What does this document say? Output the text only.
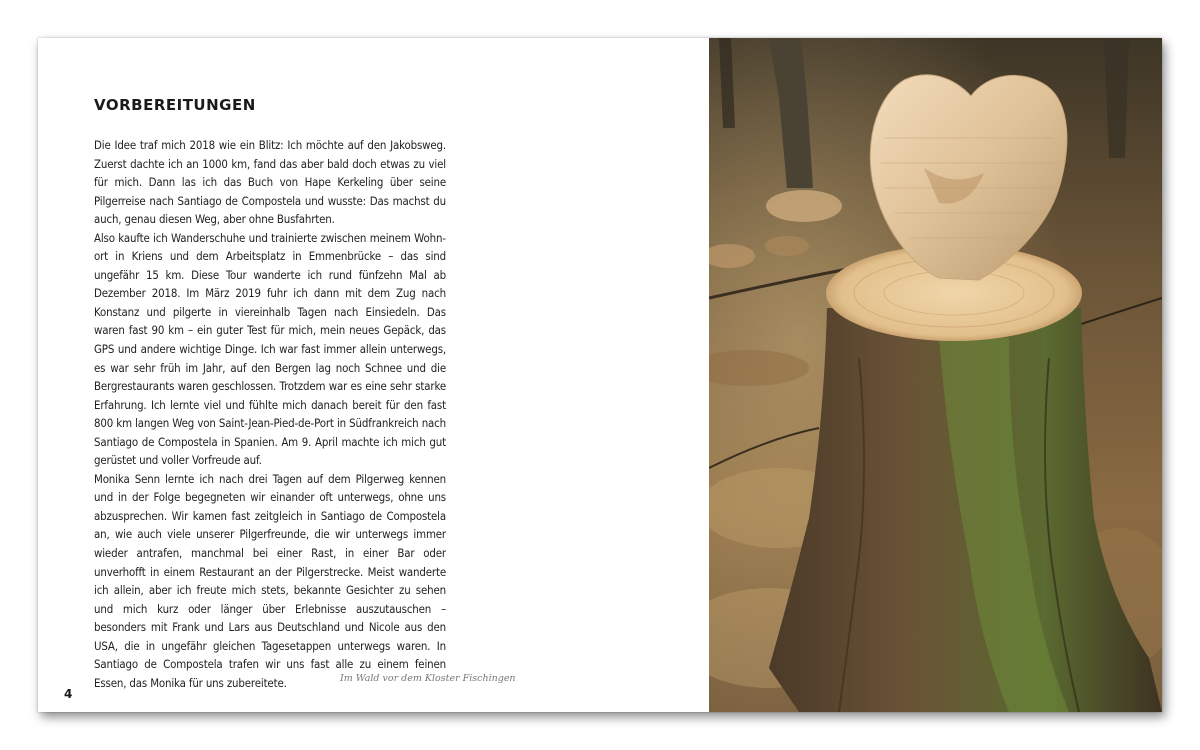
VORBEREITUNGEN

Die Idee traf mich 2018 wie ein Blitz: Ich möchte auf den Jakobsweg. Zuerst dachte ich an 1000 km, fand das aber bald doch etwas zu viel für mich. Dann las ich das Buch von Hape Kerkeling über seine Pilgerreise nach Santiago de Compostela und wusste: Das machst du auch, genau diesen Weg, aber ohne Busfahrten.

Also kaufte ich Wanderschuhe und trainierte zwischen meinem Wohnort in Kriens und dem Arbeitsplatz in Emmenbrücke – das sind ungefähr 15 km. Diese Tour wanderte ich rund fünfzehn Mal ab Dezember 2018. Im März 2019 fuhr ich dann mit dem Zug nach Konstanz und pilgerte in viereinhalb Tagen nach Einsiedeln. Das waren fast 90 km – ein guter Test für mich, mein neues Gepäck, das GPS und andere wichtige Dinge. Ich war fast immer allein unterwegs, es war sehr früh im Jahr, auf den Bergen lag noch Schnee und die Bergrestaurants waren geschlossen. Trotzdem war es eine sehr starke Erfahrung. Ich lernte viel und fühlte mich danach bereit für den fast 800 km langen Weg von Saint-Jean-Pied-de-Port in Südfrankreich nach Santiago de Compostela in Spanien. Am 9. April machte ich mich gut gerüstet und voller Vorfreude auf.

Monika Senn lernte ich nach drei Tagen auf dem Pilgerweg kennen und in der Folge begegneten wir einander oft unterwegs, ohne uns abzusprechen. Wir kamen fast zeitgleich in Santiago de Compostela an, wie auch viele unserer Pilgerfreunde, die wir unterwegs immer wieder antrafen, manchmal bei einer Rast, in einer Bar oder unverhofft in einem Restaurant an der Pilgerstrecke. Meist wanderte ich allein, aber ich freute mich stets, bekannte Gesichter zu sehen und mich kurz oder länger über Erlebnisse auszutauschen – besonders mit Frank und Lars aus Deutschland und Nicole aus den USA, die in ungefähr gleichen Tagesetappen unterwegs waren. In Santiago de Compostela trafen wir uns fast alle zu einem feinen Essen, das Monika für uns zubereitete.	Im Wald vor dem Kloster Fischingen
4
